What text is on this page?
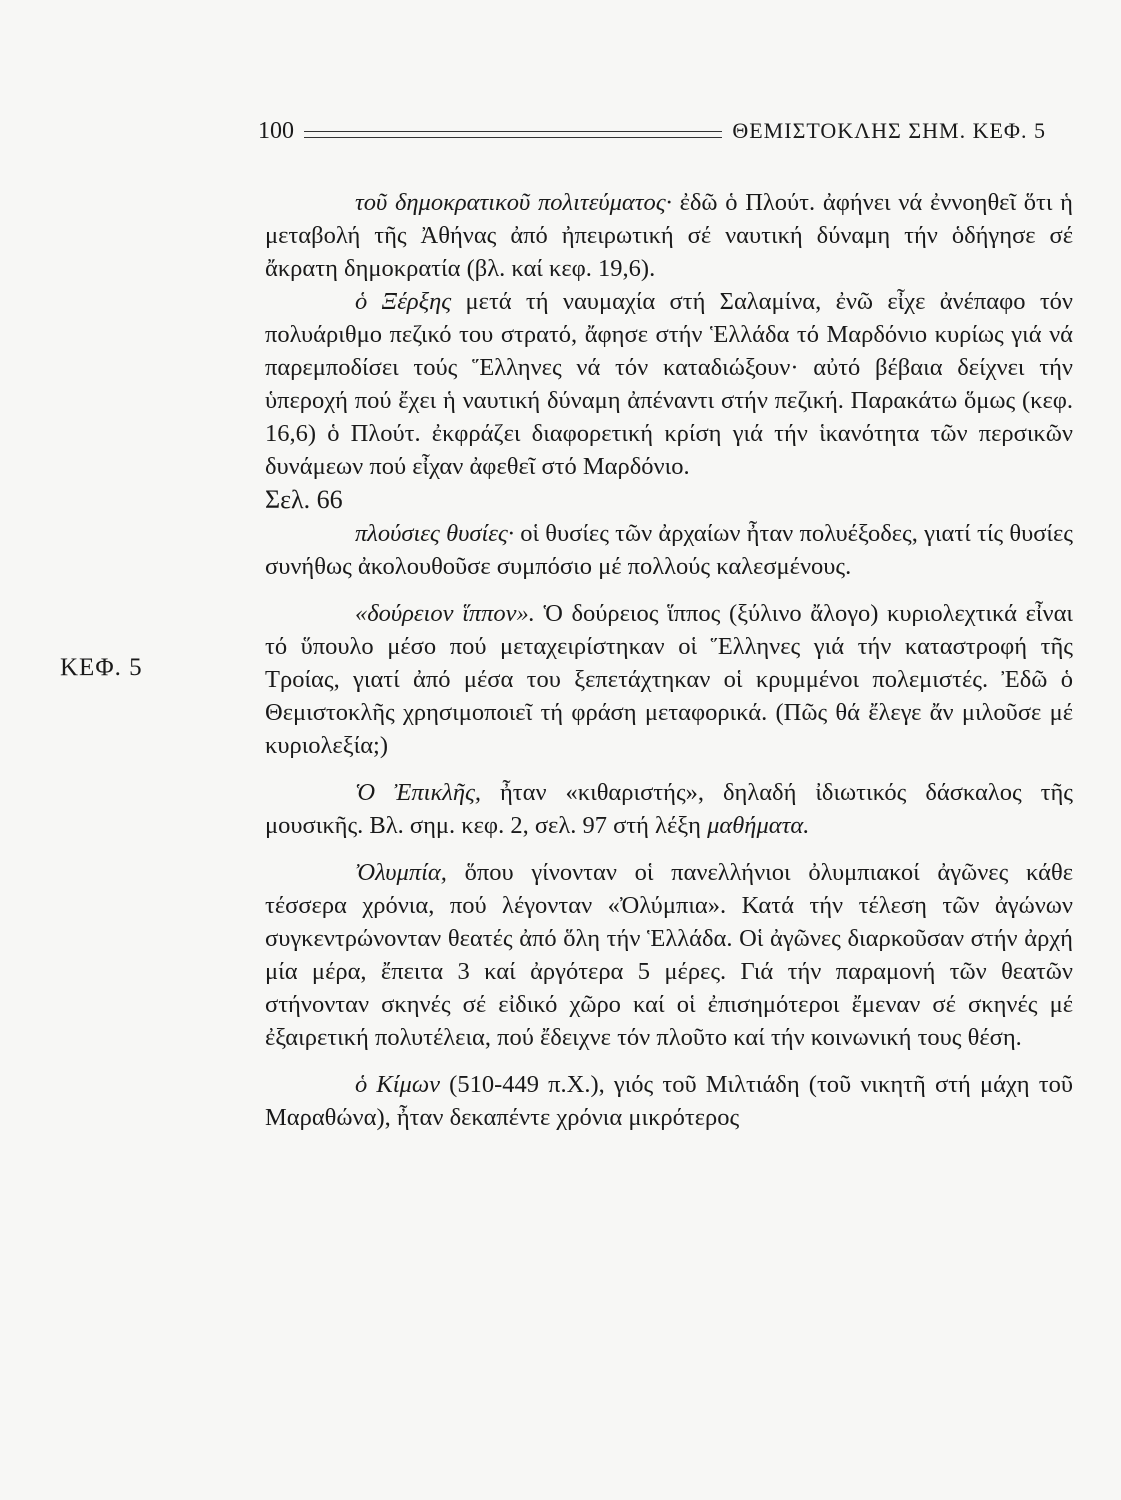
100	ΘΕΜΙΣΤΟΚΛΗΣ ΣΗΜ. ΚΕΦ. 5
ΚΕΦ. 5

τοῦ δημοκρατικοῦ πολιτεύματος· ἐδῶ ὁ Πλούτ. ἀφήνει νά ἐννοηθεῖ ὅτι ἡ μεταβολή τῆς Ἀθήνας ἀπό ἠπειρωτική σέ ναυτική δύναμη τήν ὁδήγησε σέ ἄκρατη δημοκρατία (βλ. καί κεφ. 19,6).

ὁ Ξέρξης μετά τή ναυμαχία στή Σαλαμίνα, ἐνῶ εἶχε ἀνέπαφο τόν πολυάριθμο πεζικό του στρατό, ἄφησε στήν Ἑλλάδα τό Μαρδόνιο κυρίως γιά νά παρεμποδίσει τούς Ἕλληνες νά τόν καταδιώξουν· αὐτό βέβαια δείχνει τήν ὑπεροχή πού ἔχει ἡ ναυτική δύναμη ἀπέναντι στήν πεζική. Παρακάτω ὅμως (κεφ. 16,6) ὁ Πλούτ. ἐκφράζει διαφορετική κρίση γιά τήν ἱκανότητα τῶν περσικῶν δυνάμεων πού εἶχαν ἀφεθεῖ στό Μαρδόνιο.

Σελ. 66

πλούσιες θυσίες· οἱ θυσίες τῶν ἀρχαίων ἦταν πολυέξοδες, γιατί τίς θυσίες συνήθως ἀκολουθοῦσε συμπόσιο μέ πολλούς καλεσμένους.

«δούρειον ἵππον». Ὁ δούρειος ἵππος (ξύλινο ἄλογο) κυριολεχτικά εἶναι τό ὕπουλο μέσο πού μεταχειρίστηκαν οἱ Ἕλληνες γιά τήν καταστροφή τῆς Τροίας, γιατί ἀπό μέσα του ξεπετάχτηκαν οἱ κρυμμένοι πολεμιστές. Ἐδῶ ὁ Θεμιστοκλῆς χρησιμοποιεῖ τή φράση μεταφορικά. (Πῶς θά ἔλεγε ἄν μιλοῦσε μέ κυριολεξία;)

Ὁ Ἐπικλῆς, ἦταν «κιθαριστής», δηλαδή ἰδιωτικός δάσκαλος τῆς μουσικῆς. Βλ. σημ. κεφ. 2, σελ. 97 στή λέξη μαθήματα.

Ὀλυμπία, ὅπου γίνονταν οἱ πανελλήνιοι ὀλυμπιακοί ἀγῶνες κάθε τέσσερα χρόνια, πού λέγονταν «Ὀλύμπια». Κατά τήν τέλεση τῶν ἀγώνων συγκεντρώνονταν θεατές ἀπό ὅλη τήν Ἑλλάδα. Οἱ ἀγῶνες διαρκοῦσαν στήν ἀρχή μία μέρα, ἔπειτα 3 καί ἀργότερα 5 μέρες. Γιά τήν παραμονή τῶν θεατῶν στήνονταν σκηνές σέ εἰδικό χῶρο καί οἱ ἐπισημότεροι ἔμεναν σέ σκηνές μέ ἐξαιρετική πολυτέλεια, πού ἔδειχνε τόν πλοῦτο καί τήν κοινωνική τους θέση.

ὁ Κίμων (510-449 π.Χ.), γιός τοῦ Μιλτιάδη (τοῦ νικητῆ στή μάχη τοῦ Μαραθώνα), ἦταν δεκαπέντε χρόνια μικρότερος
